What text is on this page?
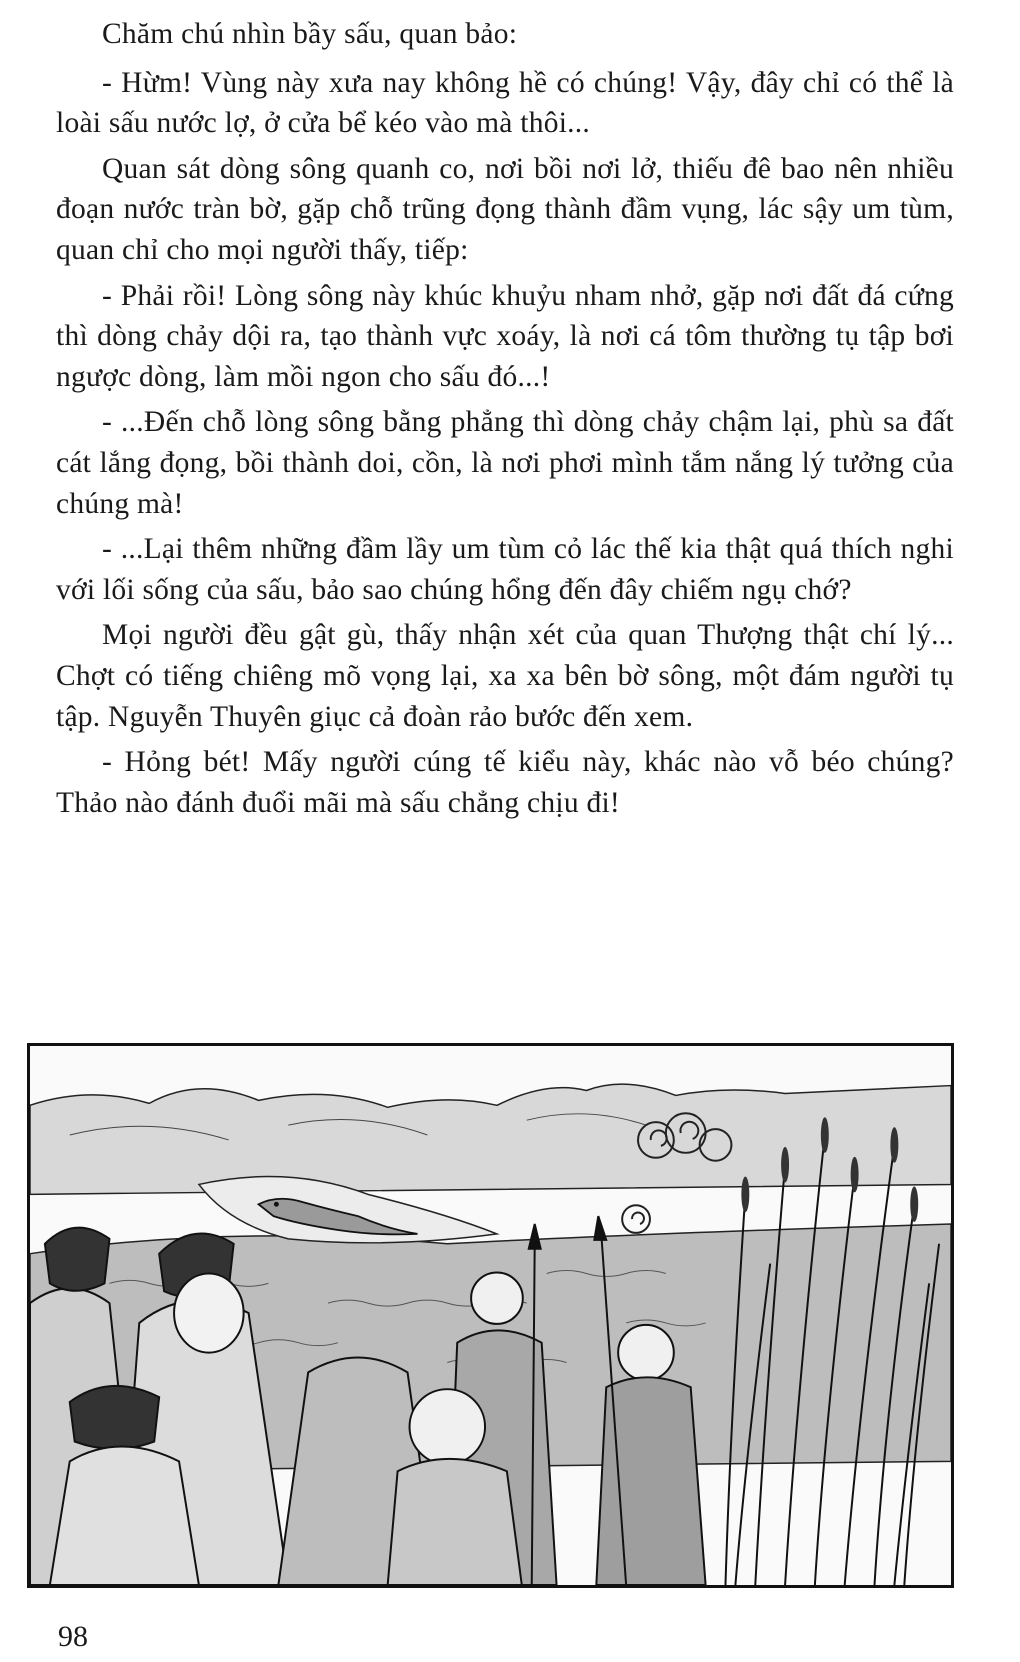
Chăm chú nhìn bầy sấu, quan bảo:

- Hừm! Vùng này xưa nay không hề có chúng! Vậy, đây chỉ có thể là loài sấu nước lợ, ở cửa bể kéo vào mà thôi...

Quan sát dòng sông quanh co, nơi bồi nơi lở, thiếu đê bao nên nhiều đoạn nước tràn bờ, gặp chỗ trũng đọng thành đầm vụng, lác sậy um tùm, quan chỉ cho mọi người thấy, tiếp:

- Phải rồi! Lòng sông này khúc khuỷu nham nhở, gặp nơi đất đá cứng thì dòng chảy dội ra, tạo thành vực xoáy, là nơi cá tôm thường tụ tập bơi ngược dòng, làm mồi ngon cho sấu đó...!

- ...Đến chỗ lòng sông bằng phẳng thì dòng chảy chậm lại, phù sa đất cát lắng đọng, bồi thành doi, cồn, là nơi phơi mình tắm nắng lý tưởng của chúng mà!

- ...Lại thêm những đầm lầy um tùm cỏ lác thế kia thật quá thích nghi với lối sống của sấu, bảo sao chúng hổng đến đây chiếm ngụ chớ?

Mọi người đều gật gù, thấy nhận xét của quan Thượng thật chí lý... Chợt có tiếng chiêng mõ vọng lại, xa xa bên bờ sông, một đám người tụ tập. Nguyễn Thuyên giục cả đoàn rảo bước đến xem.

- Hỏng bét! Mấy người cúng tế kiểu này, khác nào vỗ béo chúng? Thảo nào đánh đuổi mãi mà sấu chẳng chịu đi!

98
